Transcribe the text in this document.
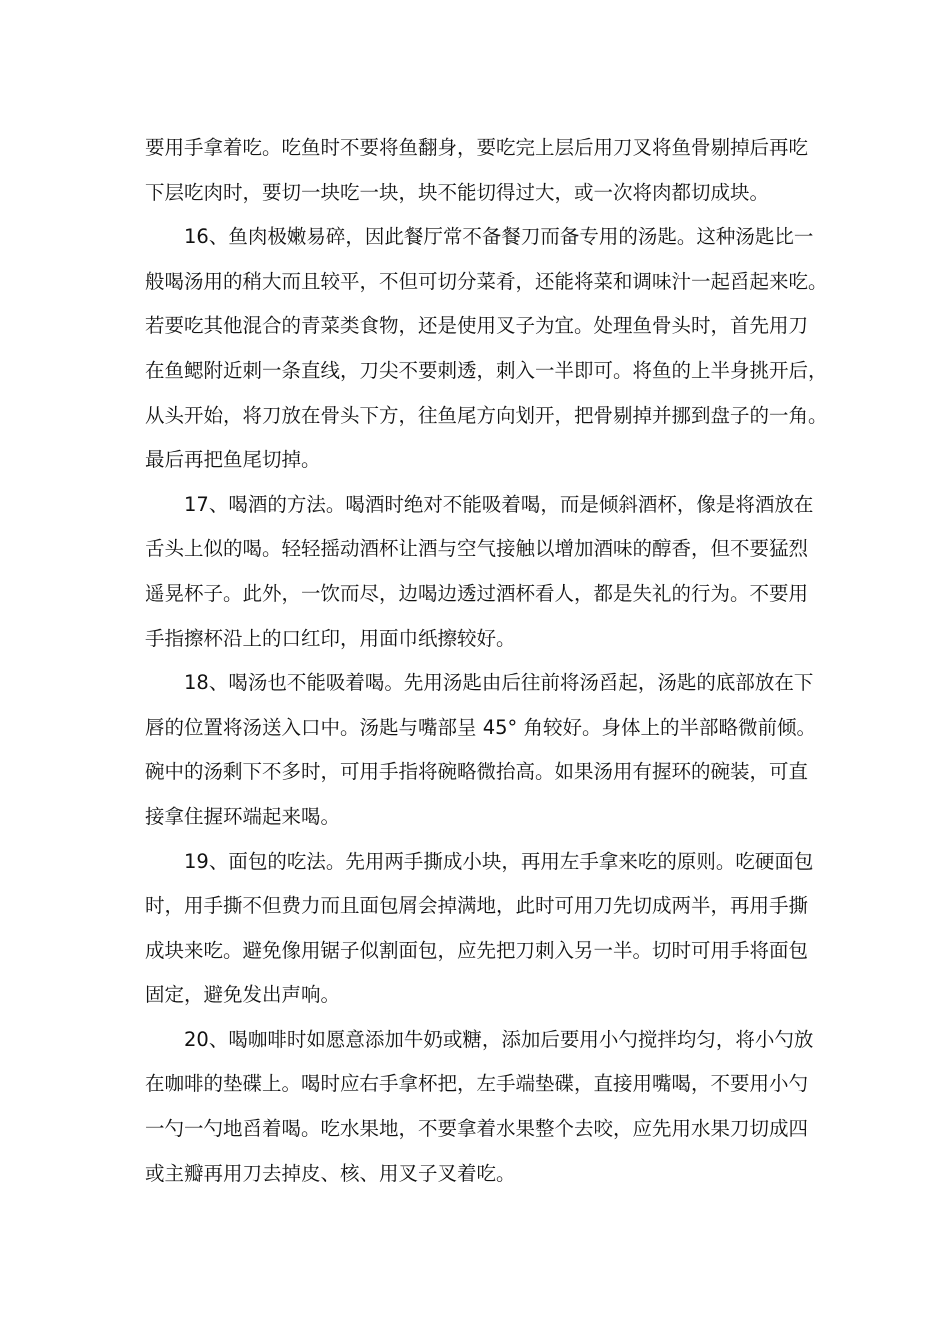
要用手拿着吃。吃鱼时不要将鱼翻身，要吃完上层后用刀叉将鱼骨剔掉后再吃
下层吃肉时，要切一块吃一块，块不能切得过大，或一次将肉都切成块。
16、鱼肉极嫩易碎，因此餐厅常不备餐刀而备专用的汤匙。这种汤匙比一
般喝汤用的稍大而且较平，不但可切分菜肴，还能将菜和调味汁一起舀起来吃。
若要吃其他混合的青菜类食物，还是使用叉子为宜。处理鱼骨头时，首先用刀
在鱼鳃附近刺一条直线，刀尖不要刺透，刺入一半即可。将鱼的上半身挑开后，
从头开始，将刀放在骨头下方，往鱼尾方向划开，把骨剔掉并挪到盘子的一角。
最后再把鱼尾切掉。
17、喝酒的方法。喝酒时绝对不能吸着喝，而是倾斜酒杯，像是将酒放在
舌头上似的喝。轻轻摇动酒杯让酒与空气接触以增加酒味的醇香，但不要猛烈
遥晃杯子。此外，一饮而尽，边喝边透过酒杯看人，都是失礼的行为。不要用
手指擦杯沿上的口红印，用面巾纸擦较好。
18、喝汤也不能吸着喝。先用汤匙由后往前将汤舀起，汤匙的底部放在下
唇的位置将汤送入口中。汤匙与嘴部呈 45° 角较好。身体上的半部略微前倾。
碗中的汤剩下不多时，可用手指将碗略微抬高。如果汤用有握环的碗装，可直
接拿住握环端起来喝。
19、面包的吃法。先用两手撕成小块，再用左手拿来吃的原则。吃硬面包
时，用手撕不但费力而且面包屑会掉满地，此时可用刀先切成两半，再用手撕
成块来吃。避免像用锯子似割面包，应先把刀刺入另一半。切时可用手将面包
固定，避免发出声响。
20、喝咖啡时如愿意添加牛奶或糖，添加后要用小勺搅拌均匀，将小勺放
在咖啡的垫碟上。喝时应右手拿杯把，左手端垫碟，直接用嘴喝，不要用小勺
一勺一勺地舀着喝。吃水果地，不要拿着水果整个去咬，应先用水果刀切成四
或主瓣再用刀去掉皮、核、用叉子叉着吃。
